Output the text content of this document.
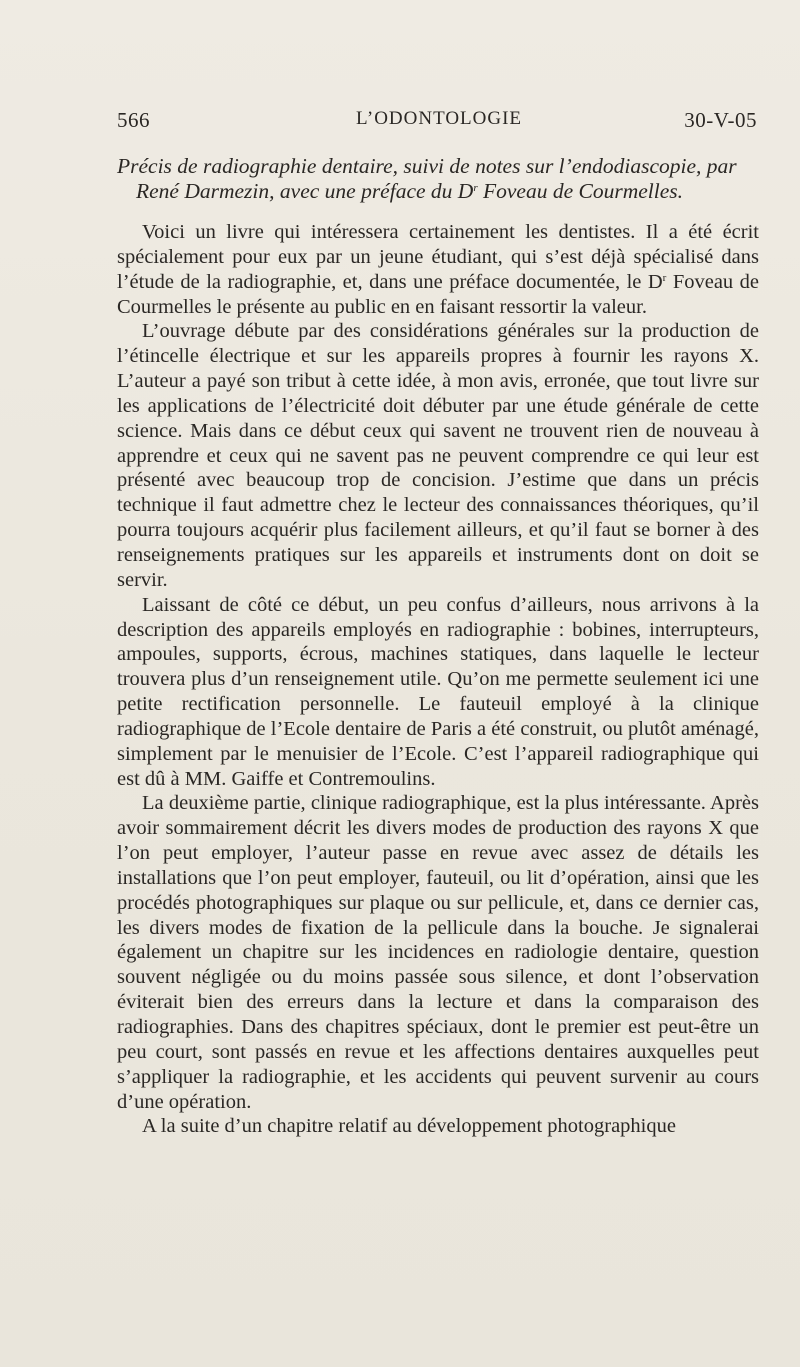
566	L’ODONTOLOGIE	30-V-05
Précis de radiographie dentaire, suivi de notes sur l’endodiascopie, par
René Darmezin, avec une préface du $D^r$ Foveau de Courmelles.

Voici un livre qui intéressera certainement les dentistes. Il a été écrit spécialement pour eux par un jeune étudiant, qui s’est déjà spécialisé dans l’étude de la radiographie, et, dans une préface documentée, le $D^r$ Foveau de Courmelles le présente au public en en faisant ressortir la valeur.

L’ouvrage débute par des considérations générales sur la production de l’étincelle électrique et sur les appareils propres à fournir les rayons X. L’auteur a payé son tribut à cette idée, à mon avis, erronée, que tout livre sur les applications de l’électricité doit débuter par une étude générale de cette science. Mais dans ce début ceux qui savent ne trouvent rien de nouveau à apprendre et ceux qui ne savent pas ne peuvent comprendre ce qui leur est présenté avec beaucoup trop de concision. J’estime que dans un précis technique il faut admettre chez le lecteur des connaissances théoriques, qu’il pourra toujours acquérir plus facilement ailleurs, et qu’il faut se borner à des renseignements pratiques sur les appareils et instruments dont on doit se servir.

Laissant de côté ce début, un peu confus d’ailleurs, nous arrivons à la description des appareils employés en radiographie : bobines, interrupteurs, ampoules, supports, écrous, machines statiques, dans laquelle le lecteur trouvera plus d’un renseignement utile. Qu’on me permette seulement ici une petite rectification personnelle. Le fauteuil employé à la clinique radiographique de l’Ecole dentaire de Paris a été construit, ou plutôt aménagé, simplement par le menuisier de l’Ecole. C’est l’appareil radiographique qui est dû à MM. Gaiffe et Contremoulins.

La deuxième partie, clinique radiographique, est la plus intéressante. Après avoir sommairement décrit les divers modes de production des rayons X que l’on peut employer, l’auteur passe en revue avec assez de détails les installations que l’on peut employer, fauteuil, ou lit d’opération, ainsi que les procédés photographiques sur plaque ou sur pellicule, et, dans ce dernier cas, les divers modes de fixation de la pellicule dans la bouche. Je signalerai également un chapitre sur les incidences en radiologie dentaire, question souvent négligée ou du moins passée sous silence, et dont l’observation éviterait bien des erreurs dans la lecture et dans la comparaison des radiographies. Dans des chapitres spéciaux, dont le premier est peut-être un peu court, sont passés en revue et les affections dentaires auxquelles peut s’appliquer la radiographie, et les accidents qui peuvent survenir au cours d’une opération.

A la suite d’un chapitre relatif au développement photographique
